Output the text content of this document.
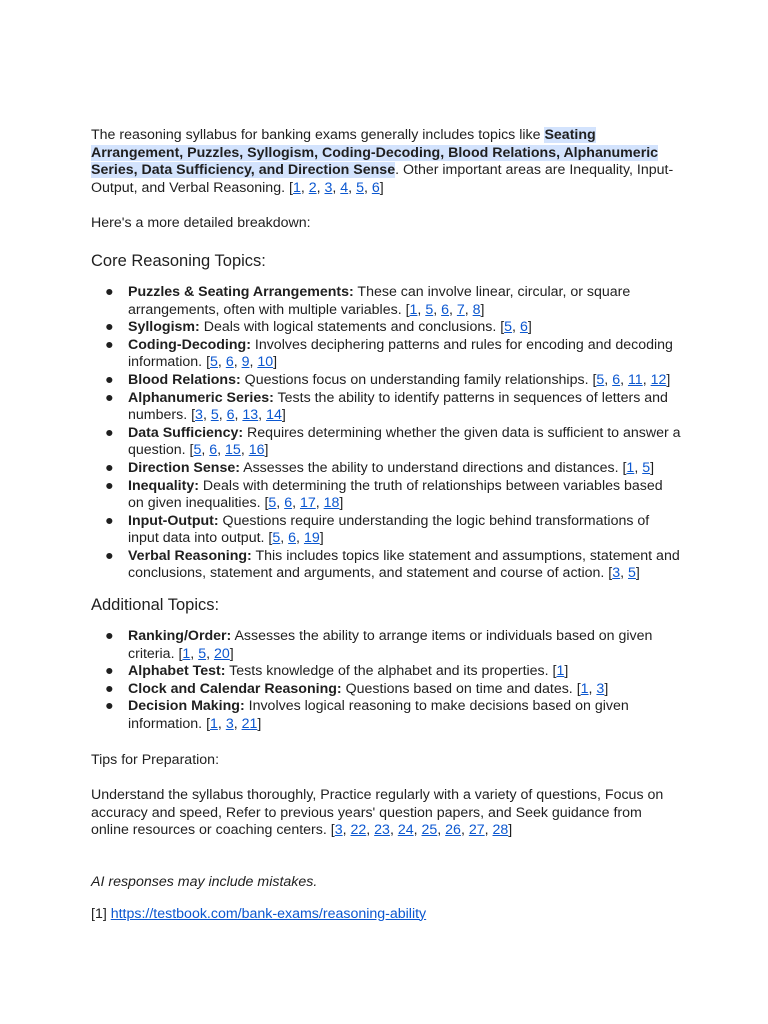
The reasoning syllabus for banking exams generally includes topics like Seating Arrangement, Puzzles, Syllogism, Coding-Decoding, Blood Relations, Alphanumeric Series, Data Sufficiency, and Direction Sense. Other important areas are Inequality, Input-Output, and Verbal Reasoning. [1, 2, 3, 4, 5, 6]

Here's a more detailed breakdown:

Core Reasoning Topics:
● Puzzles & Seating Arrangements: These can involve linear, circular, or square arrangements, often with multiple variables. [1, 5, 6, 7, 8]
● Syllogism: Deals with logical statements and conclusions. [5, 6]
● Coding-Decoding: Involves deciphering patterns and rules for encoding and decoding information. [5, 6, 9, 10]
● Blood Relations: Questions focus on understanding family relationships. [5, 6, 11, 12]
● Alphanumeric Series: Tests the ability to identify patterns in sequences of letters and numbers. [3, 5, 6, 13, 14]
● Data Sufficiency: Requires determining whether the given data is sufficient to answer a question. [5, 6, 15, 16]
● Direction Sense: Assesses the ability to understand directions and distances. [1, 5]
● Inequality: Deals with determining the truth of relationships between variables based on given inequalities. [5, 6, 17, 18]
● Input-Output: Questions require understanding the logic behind transformations of input data into output. [5, 6, 19]
● Verbal Reasoning: This includes topics like statement and assumptions, statement and conclusions, statement and arguments, and statement and course of action. [3, 5]
Additional Topics:
● Ranking/Order: Assesses the ability to arrange items or individuals based on given criteria. [1, 5, 20]
● Alphabet Test: Tests knowledge of the alphabet and its properties. [1]
● Clock and Calendar Reasoning: Questions based on time and dates. [1, 3]
● Decision Making: Involves logical reasoning to make decisions based on given information. [1, 3, 21]

Tips for Preparation:

Understand the syllabus thoroughly, Practice regularly with a variety of questions, Focus on accuracy and speed, Refer to previous years' question papers, and Seek guidance from online resources or coaching centers. [3, 22, 23, 24, 25, 26, 27, 28]

AI responses may include mistakes.

[1] https://testbook.com/bank-exams/reasoning-ability
